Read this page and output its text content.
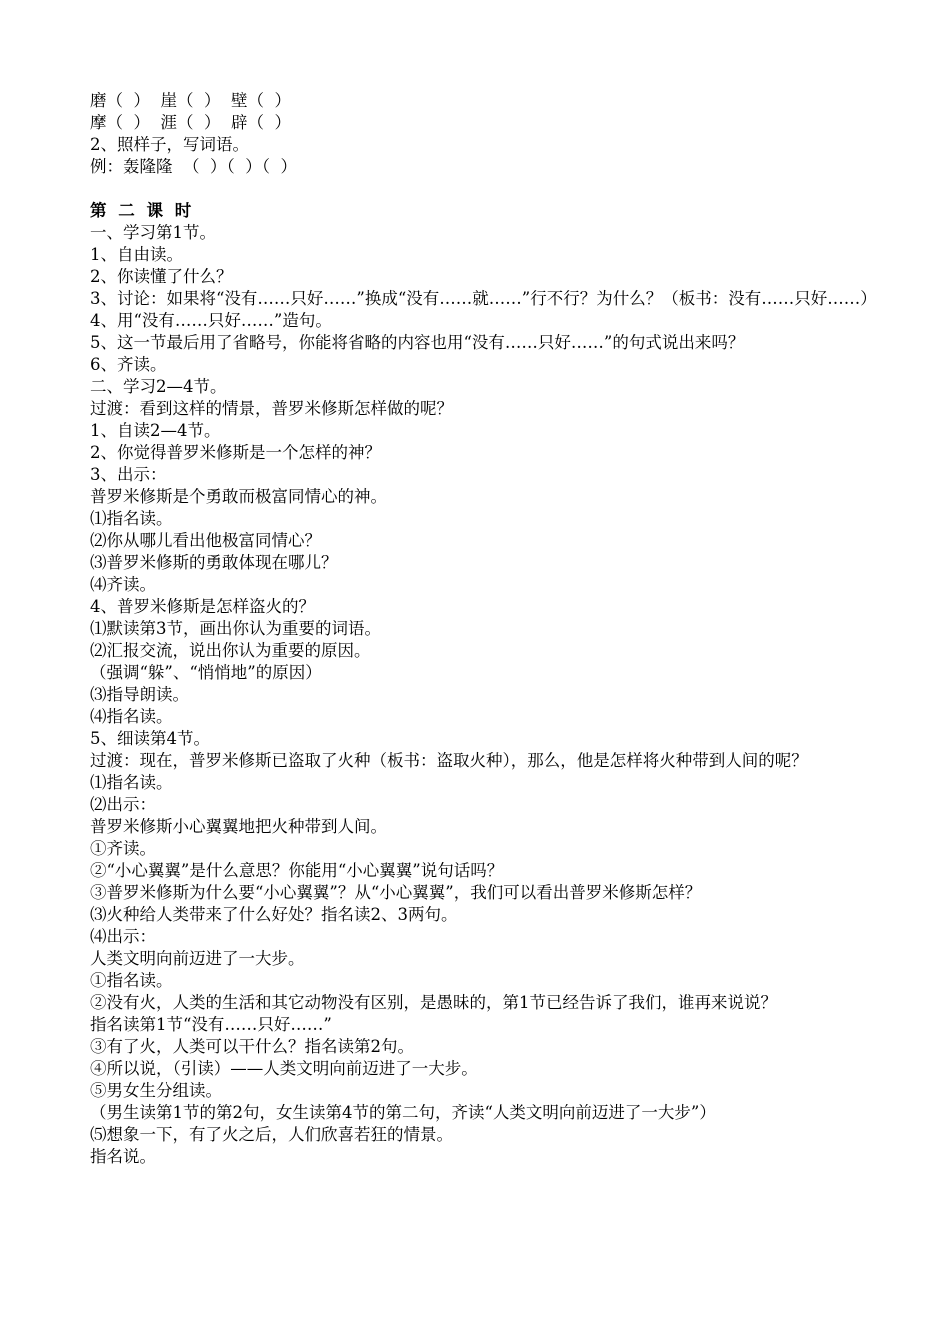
磨（  ）  崖（  ）  壁（  ）

摩（  ）  涯（  ）  辟（  ）

2、照样子，写词语。

例：轰隆隆  （  ）（  ）（  ）

第 二 课 时

一、学习第1节。

1、自由读。

2、你读懂了什么？

3、讨论：如果将“没有……只好……”换成“没有……就……”行不行？为什么？（板书：没有……只好……）

4、用“没有……只好……”造句。

5、这一节最后用了省略号，你能将省略的内容也用“没有……只好……”的句式说出来吗？

6、齐读。

二、学习2—4节。

过渡：看到这样的情景，普罗米修斯怎样做的呢？

1、自读2—4节。

2、你觉得普罗米修斯是一个怎样的神？

3、出示：

普罗米修斯是个勇敢而极富同情心的神。

⑴指名读。

⑵你从哪儿看出他极富同情心？

⑶普罗米修斯的勇敢体现在哪儿？

⑷齐读。

4、普罗米修斯是怎样盗火的？

⑴默读第3节，画出你认为重要的词语。

⑵汇报交流，说出你认为重要的原因。

（强调“躲”、“悄悄地”的原因）

⑶指导朗读。

⑷指名读。

5、细读第4节。

过渡：现在，普罗米修斯已盗取了火种（板书：盗取火种），那么，他是怎样将火种带到人间的呢？

⑴指名读。

⑵出示：

普罗米修斯小心翼翼地把火种带到人间。

①齐读。

②“小心翼翼”是什么意思？你能用“小心翼翼”说句话吗？

③普罗米修斯为什么要“小心翼翼”？从“小心翼翼”，我们可以看出普罗米修斯怎样？

⑶火种给人类带来了什么好处？指名读2、3两句。

⑷出示：

人类文明向前迈进了一大步。

①指名读。

②没有火，人类的生活和其它动物没有区别，是愚昧的，第1节已经告诉了我们，谁再来说说？

指名读第1节“没有……只好……”

③有了火，人类可以干什么？指名读第2句。

④所以说，（引读）——人类文明向前迈进了一大步。

⑤男女生分组读。

（男生读第1节的第2句，女生读第4节的第二句，齐读“人类文明向前迈进了一大步”）

⑸想象一下，有了火之后，人们欣喜若狂的情景。

指名说。
